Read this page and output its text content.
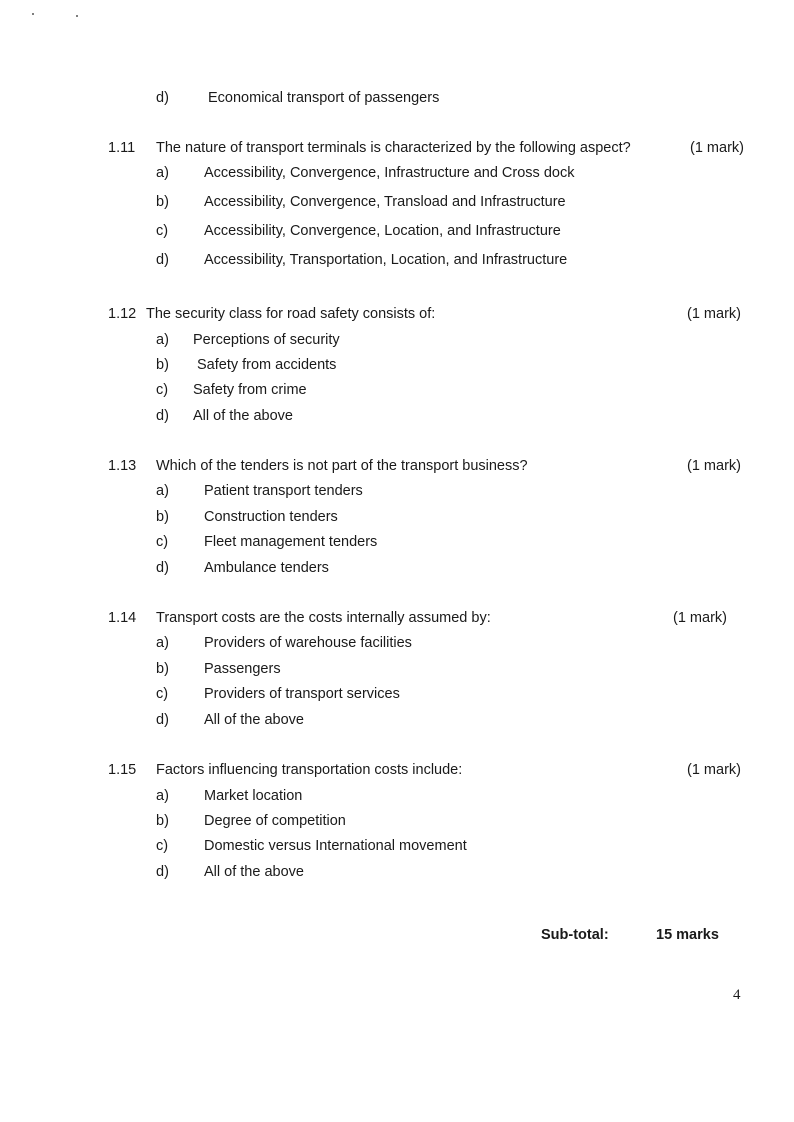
d)	Economical transport of passengers
1.11 The nature of transport terminals is characterized by the following aspect?	(1 mark)
a) Accessibility, Convergence, Infrastructure and Cross dock
b) Accessibility, Convergence, Transload and Infrastructure
c) Accessibility, Convergence, Location, and Infrastructure
d) Accessibility, Transportation, Location, and Infrastructure
1.12 The security class for road safety consists of:	(1 mark)
a) Perceptions of security
b) Safety from accidents
c) Safety from crime
d) All of the above
1.13 Which of the tenders is not part of the transport business?	(1 mark)
a) Patient transport tenders
b) Construction tenders
c) Fleet management tenders
d) Ambulance tenders
1.14 Transport costs are the costs internally assumed by:	(1 mark)
a) Providers of warehouse facilities
b) Passengers
c) Providers of transport services
d) All of the above
1.15 Factors influencing transportation costs include:	(1 mark)
a) Market location
b) Degree of competition
c) Domestic versus International movement
d) All of the above
Sub-total:	15 marks
4
